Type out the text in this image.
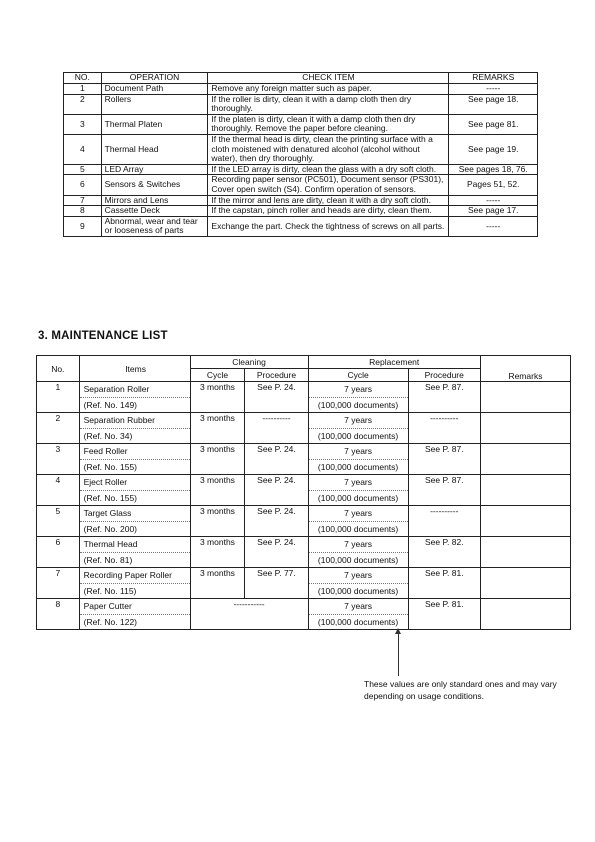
NO.	OPERATION	CHECK ITEM	REMARKS
1	Document Path	Remove any foreign matter such as paper.	-----
2	Rollers	If the roller is dirty, clean it with a damp cloth then dry thoroughly.	See page 18.
3	Thermal Platen	If the platen is dirty, clean it with a damp cloth then dry thoroughly. Remove the paper before cleaning.	See page 81.
4	Thermal Head	If the thermal head is dirty, clean the printing surface with a cloth moistened with denatured alcohol (alcohol without water), then dry thoroughly.	See page 19.
5	LED Array	If the LED array is dirty, clean the glass with a dry soft cloth.	See pages 18, 76.
6	Sensors & Switches	Recording paper sensor (PC501), Document sensor (PS301), Cover open switch (S4). Confirm operation of sensors.	Pages 51, 52.
7	Mirrors and Lens	If the mirror and lens are dirty, clean it with a dry soft cloth.	-----
8	Cassette Deck	If the capstan, pinch roller and heads are dirty, clean them.	See page 17.
9	Abnormal, wear and tear or looseness of parts	Exchange the part. Check the tightness of screws on all parts.	-----
3. MAINTENANCE LIST
No.	Items	Cleaning		Replacement		Remarks
		Cycle	Procedure	Cycle	Procedure	
1	Separation Roller	3 months	See P. 24.	7 years	See P. 87.	
	(Ref. No. 149)			(100,000 documents)		
2	Separation Rubber	3 months	----------	7 years	----------	
	(Ref. No. 34)			(100,000 documents)		
3	Feed Roller	3 months	See P. 24.	7 years	See P. 87.	
	(Ref. No. 155)			(100,000 documents)		
4	Eject Roller	3 months	See P. 24.	7 years	See P. 87.	
	(Ref. No. 155)			(100,000 documents)		
5	Target Glass	3 months	See P. 24.	7 years	----------	
	(Ref. No. 200)			(100,000 documents)		
6	Thermal Head	3 months	See P. 24.	7 years	See P. 82.	
	(Ref. No. 81)			(100,000 documents)		
7	Recording Paper Roller	3 months	See P. 77.	7 years	See P. 81.	
	(Ref. No. 115)			(100,000 documents)		
8	Paper Cutter	-----------		7 years	See P. 81.	
	(Ref. No. 122)			(100,000 documents)		
These values are only standard ones and may vary
depending on usage conditions.
